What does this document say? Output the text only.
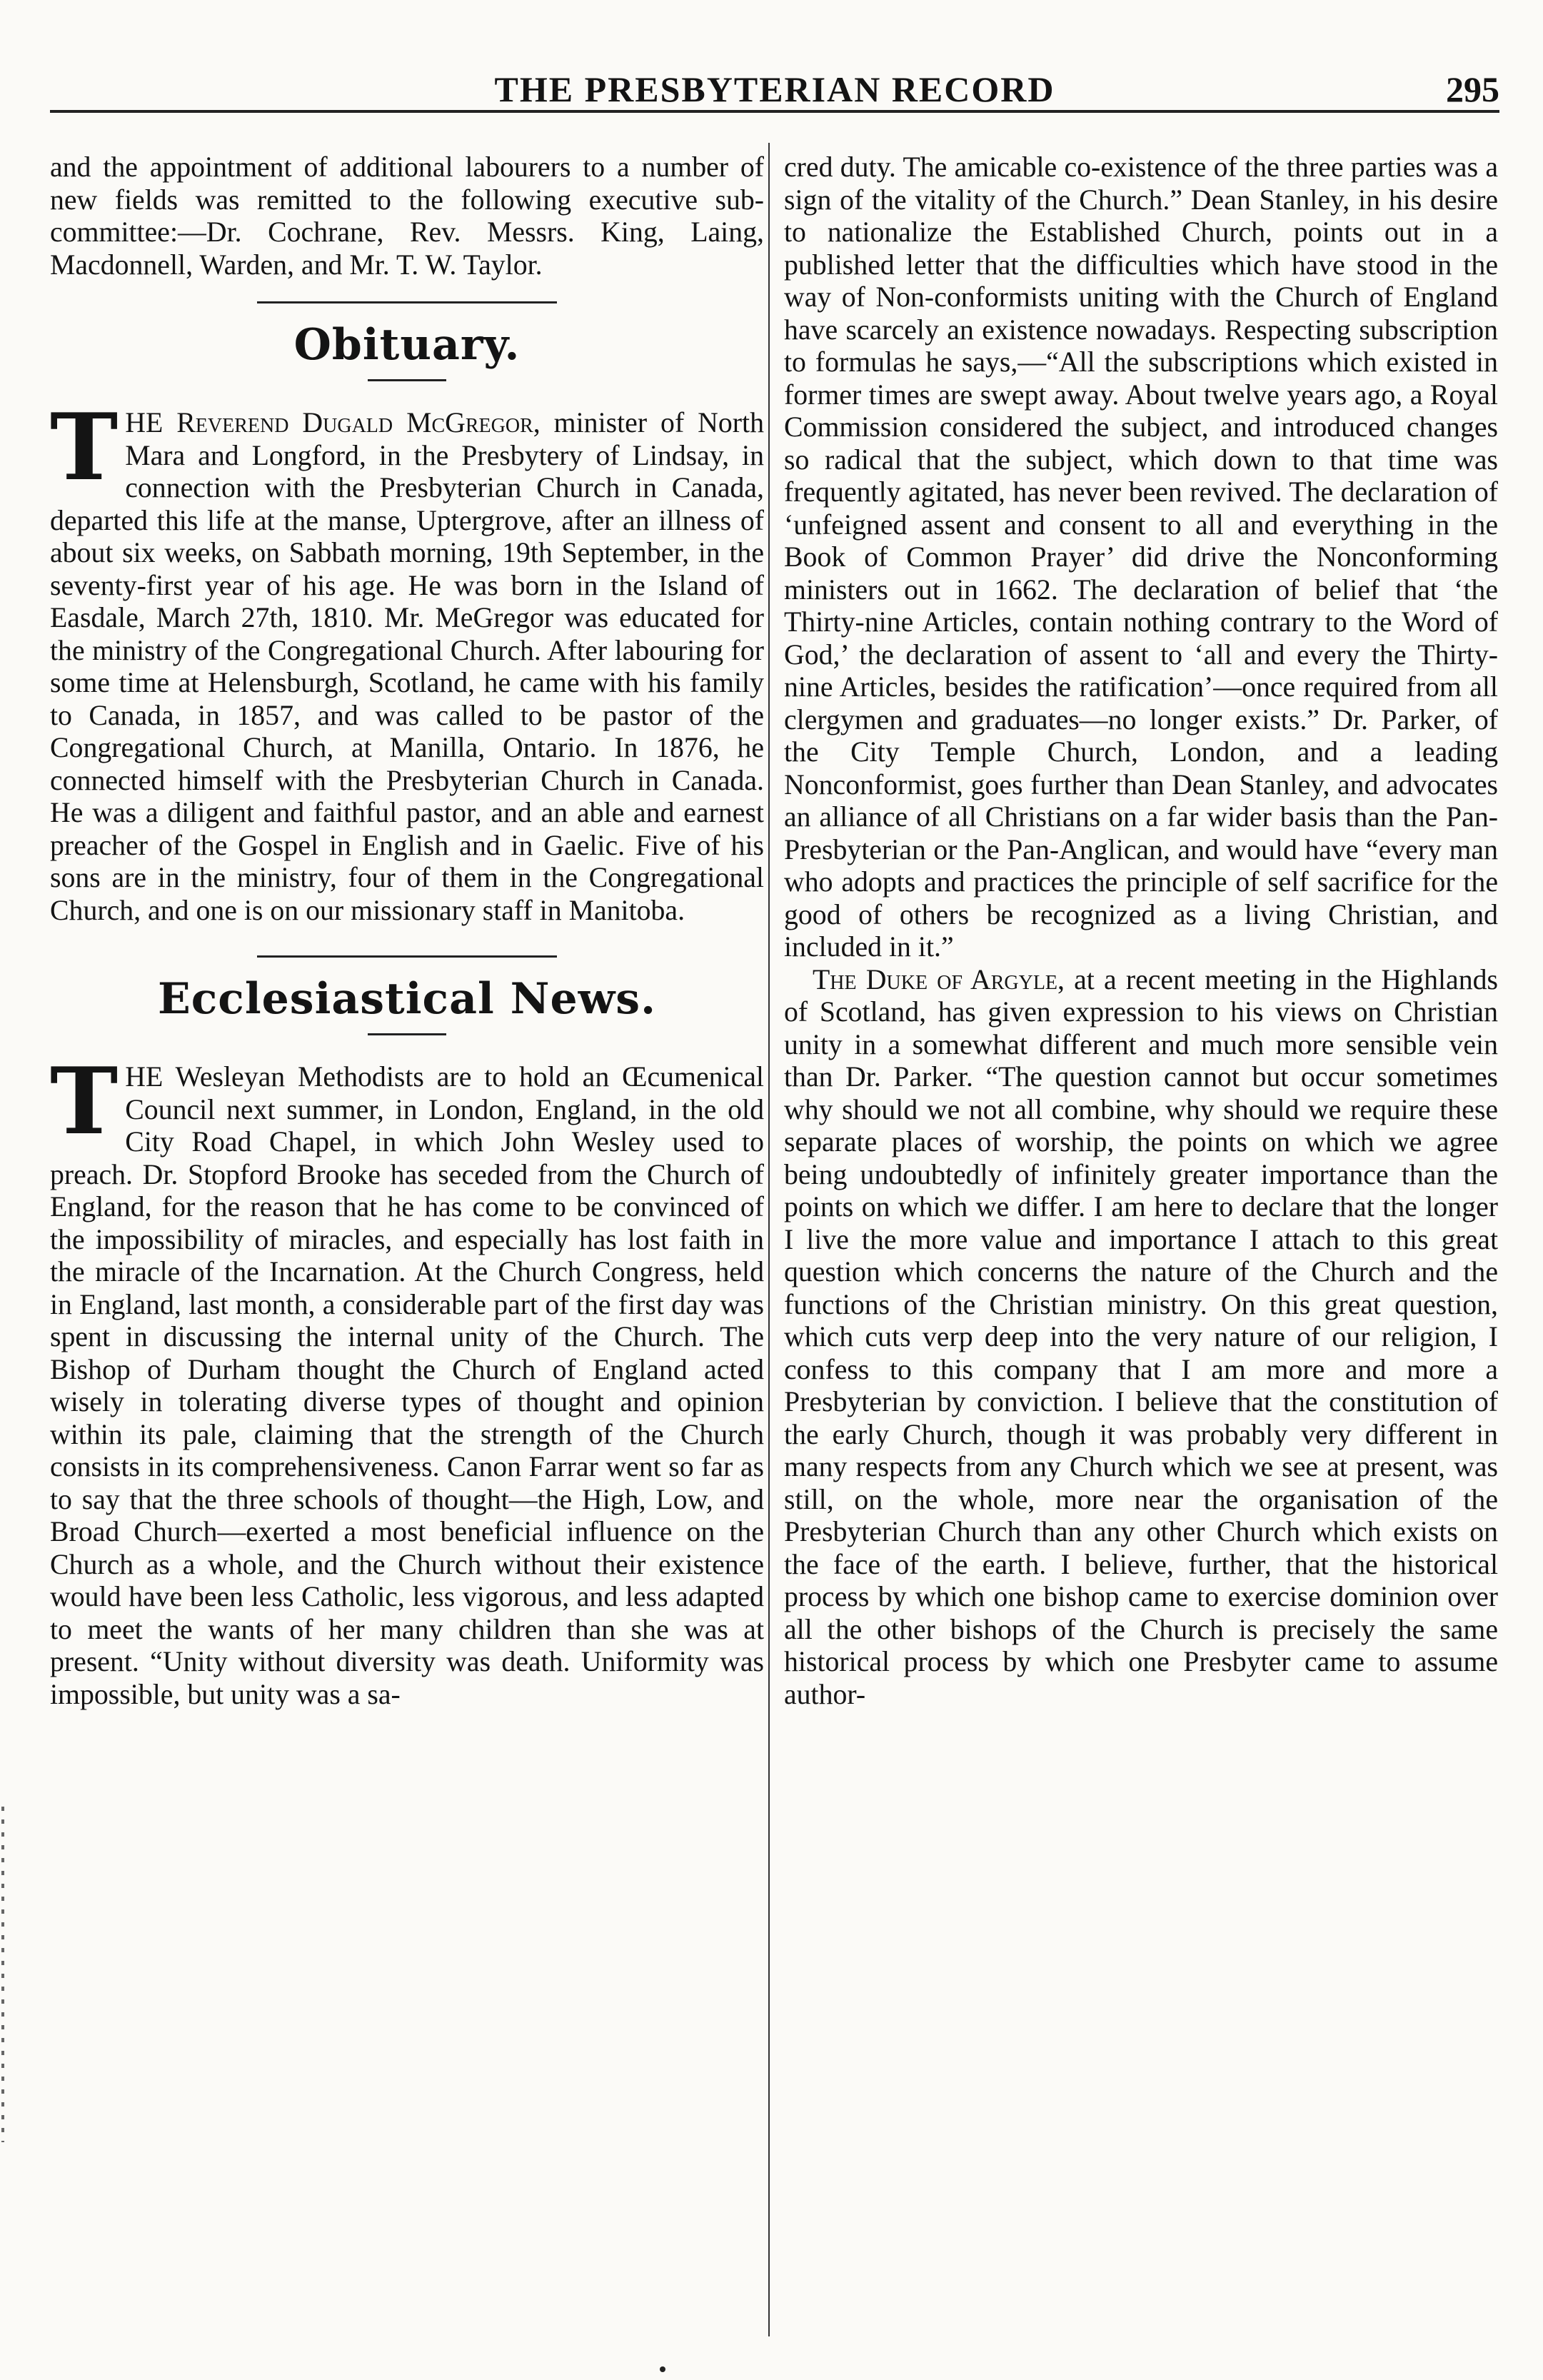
THE PRESBYTERIAN RECORD	295

and the appointment of additional labourers to a number of new fields was remitted to the following executive sub-committee:—Dr. Cochrane, Rev. Messrs. King, Laing, Macdonnell, Warden, and Mr. T. W. Taylor.

Obituary.

THE Reverend Dugald McGregor, minister of North Mara and Longford, in the Presbytery of Lindsay, in connection with the Presbyterian Church in Canada, departed this life at the manse, Uptergrove, after an illness of about six weeks, on Sabbath morning, 19th September, in the seventy-first year of his age. He was born in the Island of Easdale, March 27th, 1810. Mr. MeGregor was educated for the ministry of the Congregational Church. After labouring for some time at Helensburgh, Scotland, he came with his family to Canada, in 1857, and was called to be pastor of the Congregational Church, at Manilla, Ontario. In 1876, he connected himself with the Presbyterian Church in Canada. He was a diligent and faithful pastor, and an able and earnest preacher of the Gospel in English and in Gaelic. Five of his sons are in the ministry, four of them in the Congregational Church, and one is on our missionary staff in Manitoba.

Ecclesiastical News.

THE Wesleyan Methodists are to hold an Œcumenical Council next summer, in London, England, in the old City Road Chapel, in which John Wesley used to preach. Dr. Stopford Brooke has seceded from the Church of England, for the reason that he has come to be convinced of the impossibility of miracles, and especially has lost faith in the miracle of the Incarnation. At the Church Congress, held in England, last month, a considerable part of the first day was spent in discussing the internal unity of the Church. The Bishop of Durham thought the Church of England acted wisely in tolerating diverse types of thought and opinion within its pale, claiming that the strength of the Church consists in its comprehensiveness. Canon Farrar went so far as to say that the three schools of thought—the High, Low, and Broad Church—exerted a most beneficial influence on the Church as a whole, and the Church without their existence would have been less Catholic, less vigorous, and less adapted to meet the wants of her many children than she was at present. “Unity without diversity was death. Uniformity was impossible, but unity was a sa-

cred duty. The amicable co-existence of the three parties was a sign of the vitality of the Church.” Dean Stanley, in his desire to nationalize the Established Church, points out in a published letter that the difficulties which have stood in the way of Non-conformists uniting with the Church of England have scarcely an existence nowadays. Respecting subscription to formulas he says,—“All the subscriptions which existed in former times are swept away. About twelve years ago, a Royal Commission considered the subject, and introduced changes so radical that the subject, which down to that time was frequently agitated, has never been revived. The declaration of ‘unfeigned assent and consent to all and everything in the Book of Common Prayer’ did drive the Nonconforming ministers out in 1662. The declaration of belief that ‘the Thirty-nine Articles, contain nothing contrary to the Word of God,’ the declaration of assent to ‘all and every the Thirty-nine Articles, besides the ratification’—once required from all clergymen and graduates—no longer exists.” Dr. Parker, of the City Temple Church, London, and a leading Nonconformist, goes further than Dean Stanley, and advocates an alliance of all Christians on a far wider basis than the Pan-Presbyterian or the Pan-Anglican, and would have “every man who adopts and practices the principle of self sacrifice for the good of others be recognized as a living Christian, and included in it.”

The Duke of Argyle, at a recent meeting in the Highlands of Scotland, has given expression to his views on Christian unity in a somewhat different and much more sensible vein than Dr. Parker. “The question cannot but occur sometimes why should we not all combine, why should we require these separate places of worship, the points on which we agree being undoubtedly of infinitely greater importance than the points on which we differ. I am here to declare that the longer I live the more value and importance I attach to this great question which concerns the nature of the Church and the functions of the Christian ministry. On this great question, which cuts verp deep into the very nature of our religion, I confess to this company that I am more and more a Presbyterian by conviction. I believe that the constitution of the early Church, though it was probably very different in many respects from any Church which we see at present, was still, on the whole, more near the organisation of the Presbyterian Church than any other Church which exists on the face of the earth. I believe, further, that the historical process by which one bishop came to exercise dominion over all the other bishops of the Church is precisely the same historical process by which one Presbyter came to assume author-
